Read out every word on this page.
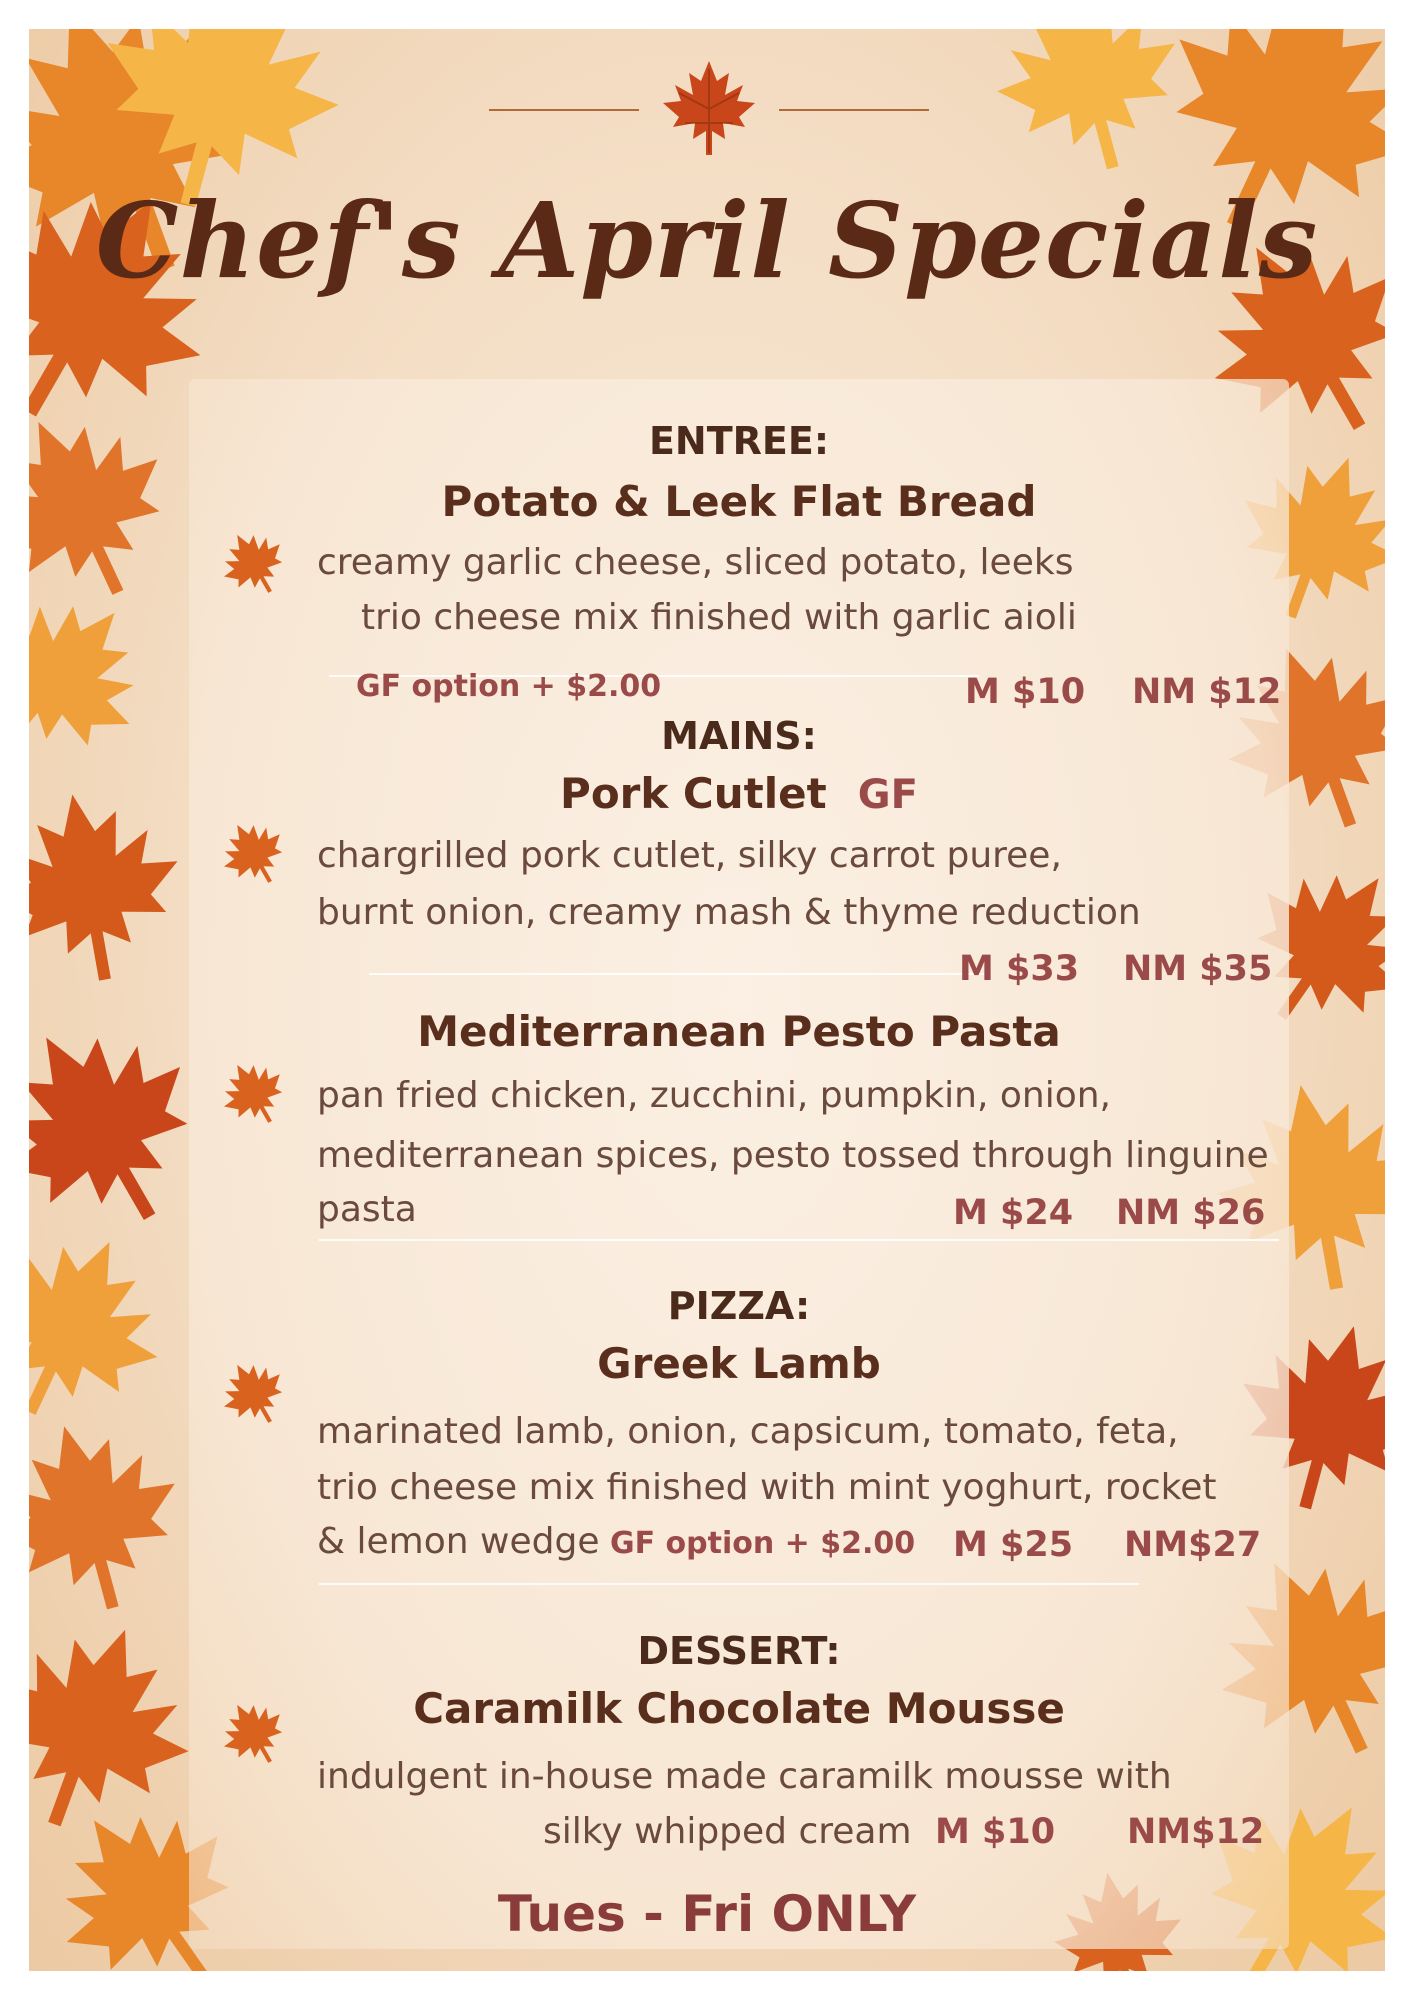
Chef's April Specials
ENTREE:
Potato & Leek Flat Bread
creamy garlic cheese, sliced potato, leeks
trio cheese mix finished with garlic aioli
GF option + $2.00	M $10 NM $12
MAINS:
Pork Cutlet GF
chargrilled pork cutlet, silky carrot puree,
burnt onion, creamy mash & thyme reduction
M $33 NM $35
Mediterranean Pesto Pasta
pan fried chicken, zucchini, pumpkin, onion,
mediterranean spices, pesto tossed through linguine
pasta	M $24 NM $26
PIZZA:
Greek Lamb
marinated lamb, onion, capsicum, tomato, feta,
trio cheese mix finished with mint yoghurt, rocket
& lemon wedge GF option + $2.00 M $25 NM$27
DESSERT:
Caramilk Chocolate Mousse
indulgent in-house made caramilk mousse with
silky whipped cream M $10 NM$12
Tues - Fri ONLY
